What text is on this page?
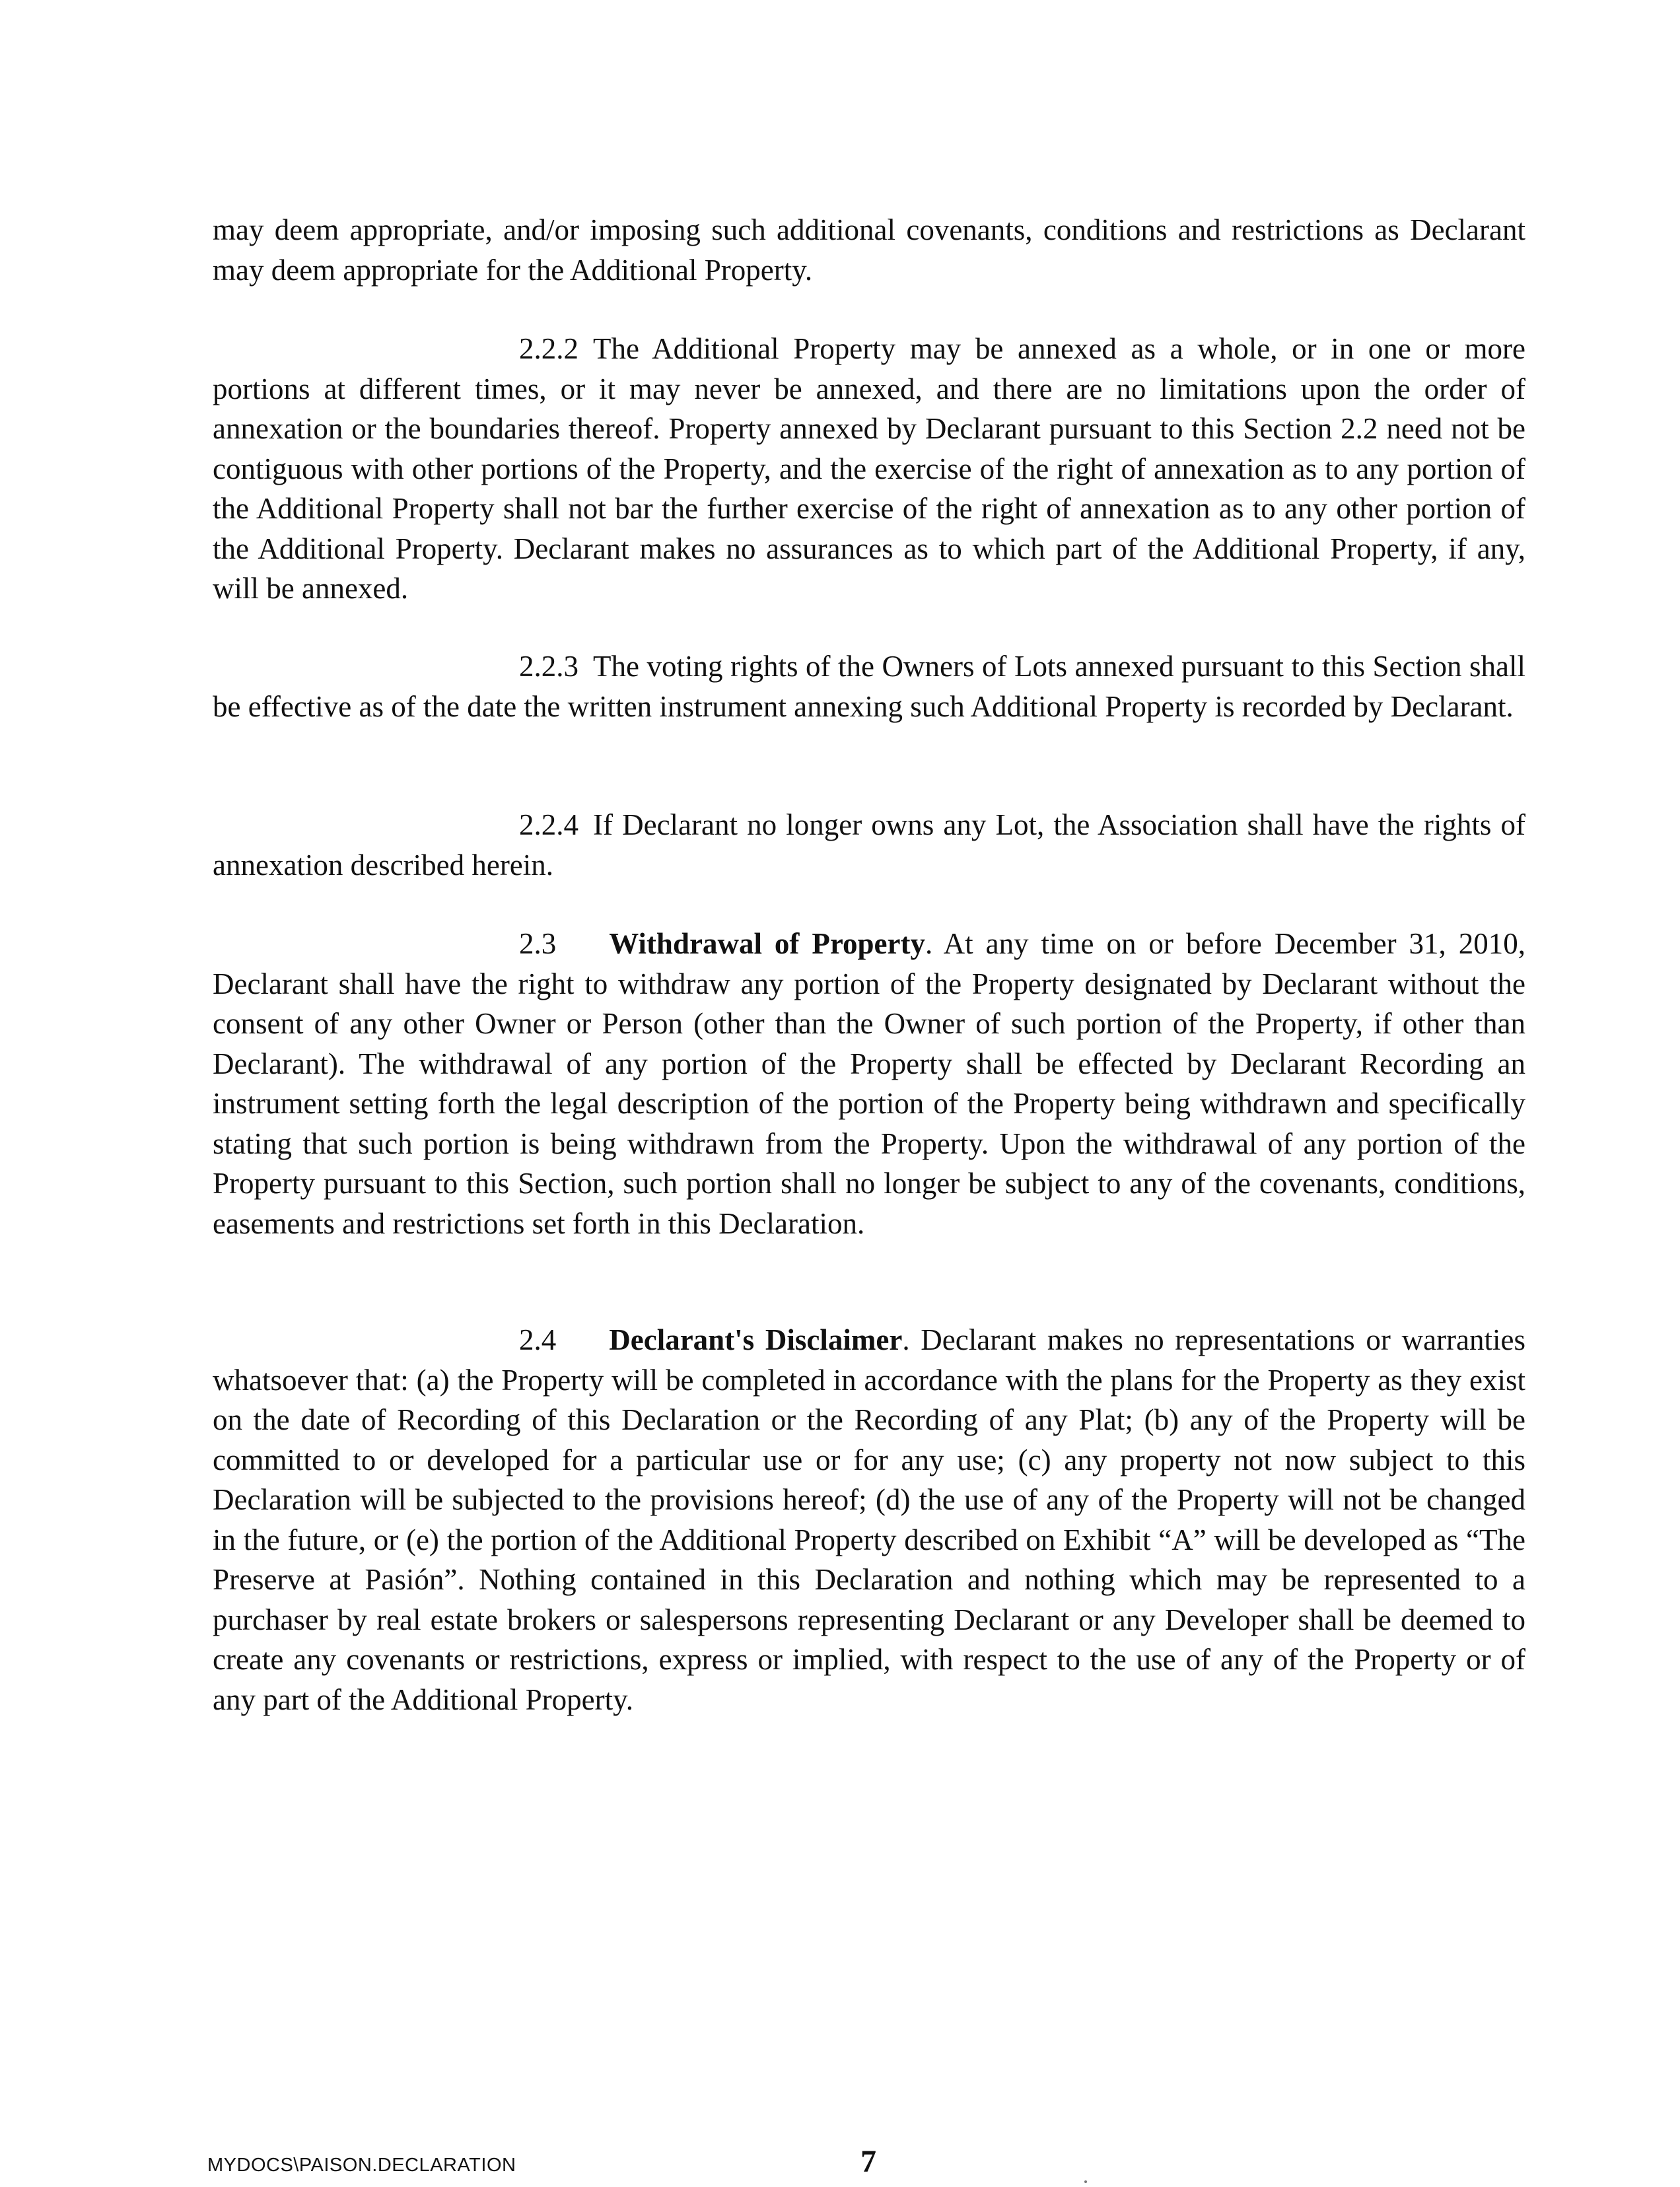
may deem appropriate, and/or imposing such additional covenants, conditions and restrictions as Declarant may deem appropriate for the Additional Property.

2.2.2 The Additional Property may be annexed as a whole, or in one or more portions at different times, or it may never be annexed, and there are no limitations upon the order of annexation or the boundaries thereof. Property annexed by Declarant pursuant to this Section 2.2 need not be contiguous with other portions of the Property, and the exercise of the right of annexation as to any portion of the Additional Property shall not bar the further exercise of the right of annexation as to any other portion of the Additional Property. Declarant makes no assurances as to which part of the Additional Property, if any, will be annexed.

2.2.3 The voting rights of the Owners of Lots annexed pursuant to this Section shall be effective as of the date the written instrument annexing such Additional Property is recorded by Declarant.

2.2.4 If Declarant no longer owns any Lot, the Association shall have the rights of annexation described herein.

2.3 Withdrawal of Property. At any time on or before December 31, 2010, Declarant shall have the right to withdraw any portion of the Property designated by Declarant without the consent of any other Owner or Person (other than the Owner of such portion of the Property, if other than Declarant). The withdrawal of any portion of the Property shall be effected by Declarant Recording an instrument setting forth the legal description of the portion of the Property being withdrawn and specifically stating that such portion is being withdrawn from the Property. Upon the withdrawal of any portion of the Property pursuant to this Section, such portion shall no longer be subject to any of the covenants, conditions, easements and restrictions set forth in this Declaration.

2.4 Declarant's Disclaimer. Declarant makes no representations or warranties whatsoever that: (a) the Property will be completed in accordance with the plans for the Property as they exist on the date of Recording of this Declaration or the Recording of any Plat; (b) any of the Property will be committed to or developed for a particular use or for any use; (c) any property not now subject to this Declaration will be subjected to the provisions hereof; (d) the use of any of the Property will not be changed in the future, or (e) the portion of the Additional Property described on Exhibit “A” will be developed as “The Preserve at Pasión”. Nothing contained in this Declaration and nothing which may be represented to a purchaser by real estate brokers or salespersons representing Declarant or any Developer shall be deemed to create any covenants or restrictions, express or implied, with respect to the use of any of the Property or of any part of the Additional Property.

MYDOCS\PAISON.DECLARATION	7
